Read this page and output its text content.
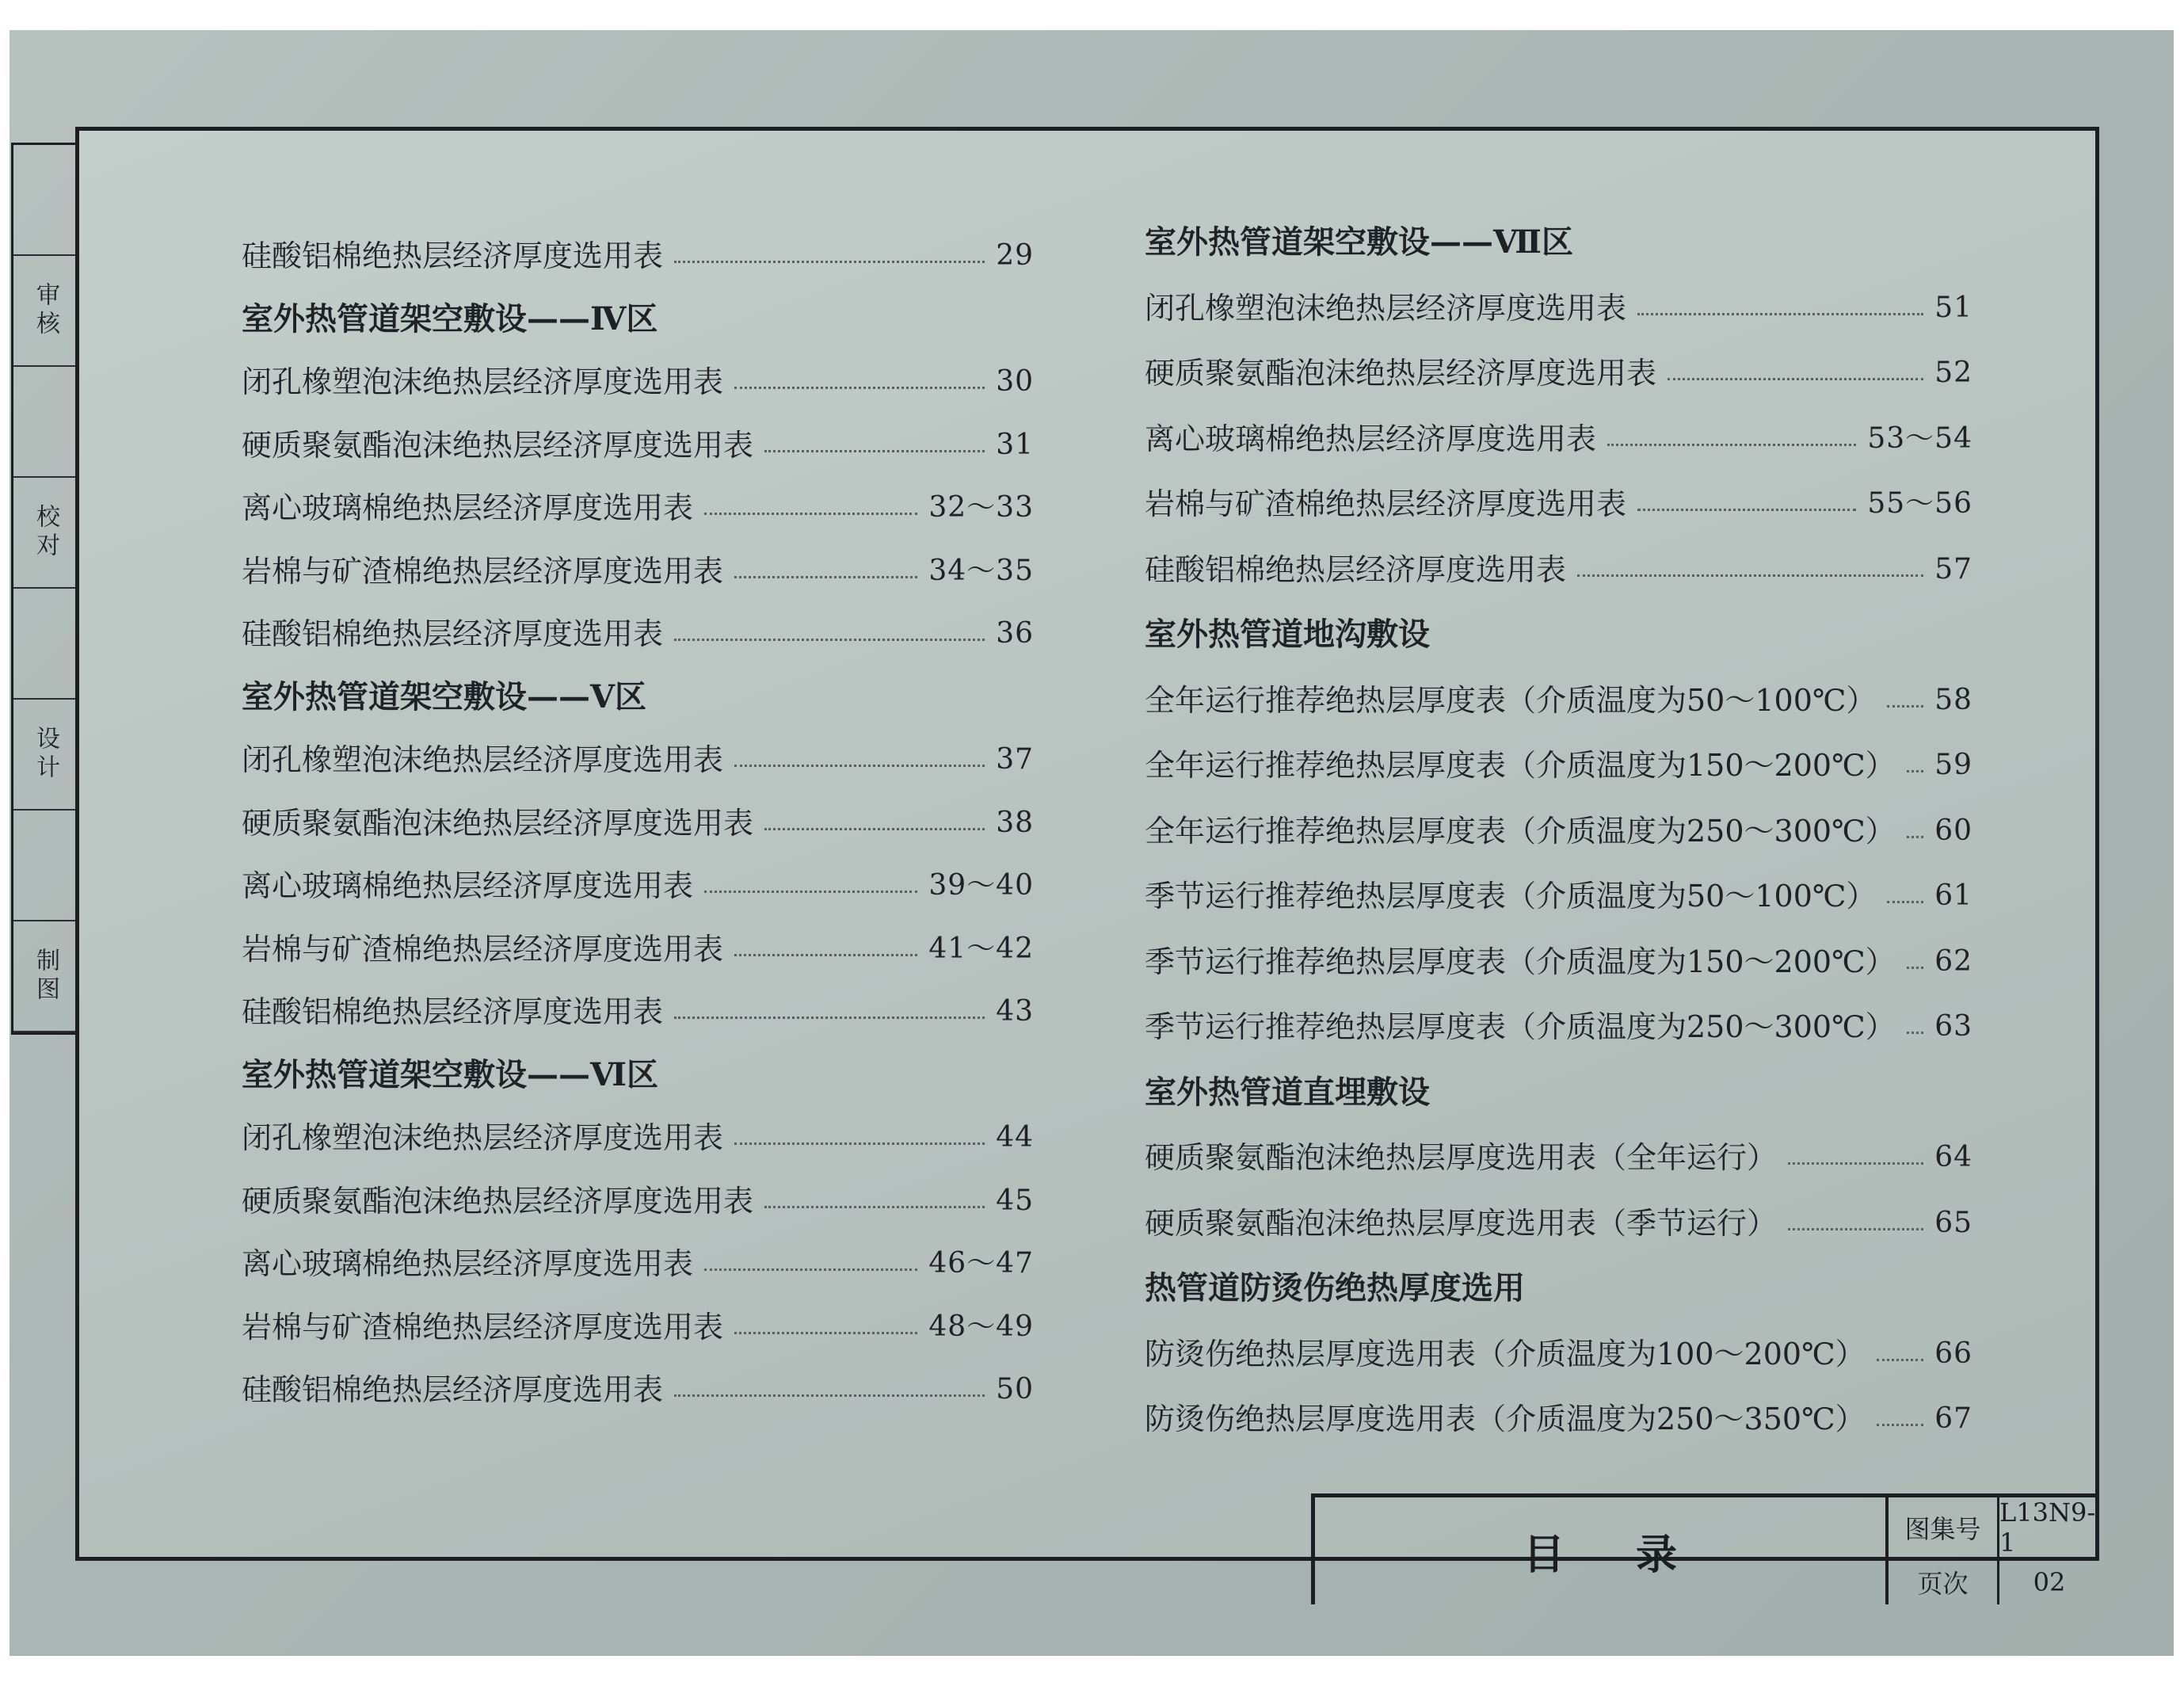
审核
校对
设计
制图
硅酸铝棉绝热层经济厚度选用表	29
室外热管道架空敷设——Ⅳ区
闭孔橡塑泡沫绝热层经济厚度选用表	30
硬质聚氨酯泡沫绝热层经济厚度选用表	31
离心玻璃棉绝热层经济厚度选用表	32～33
岩棉与矿渣棉绝热层经济厚度选用表	34～35
硅酸铝棉绝热层经济厚度选用表	36
室外热管道架空敷设——Ⅴ区
闭孔橡塑泡沫绝热层经济厚度选用表	37
硬质聚氨酯泡沫绝热层经济厚度选用表	38
离心玻璃棉绝热层经济厚度选用表	39～40
岩棉与矿渣棉绝热层经济厚度选用表	41～42
硅酸铝棉绝热层经济厚度选用表	43
室外热管道架空敷设——Ⅵ区
闭孔橡塑泡沫绝热层经济厚度选用表	44
硬质聚氨酯泡沫绝热层经济厚度选用表	45
离心玻璃棉绝热层经济厚度选用表	46～47
岩棉与矿渣棉绝热层经济厚度选用表	48～49
硅酸铝棉绝热层经济厚度选用表	50
室外热管道架空敷设——Ⅶ区
闭孔橡塑泡沫绝热层经济厚度选用表	51
硬质聚氨酯泡沫绝热层经济厚度选用表	52
离心玻璃棉绝热层经济厚度选用表	53～54
岩棉与矿渣棉绝热层经济厚度选用表	55～56
硅酸铝棉绝热层经济厚度选用表	57
室外热管道地沟敷设
全年运行推荐绝热层厚度表（介质温度为50～100℃） 58
全年运行推荐绝热层厚度表（介质温度为150～200℃） 59
全年运行推荐绝热层厚度表（介质温度为250～300℃） 60
季节运行推荐绝热层厚度表（介质温度为50～100℃） 61
季节运行推荐绝热层厚度表（介质温度为150～200℃） 62
季节运行推荐绝热层厚度表（介质温度为250～300℃） 63
室外热管道直埋敷设
硬质聚氨酯泡沫绝热层厚度选用表（全年运行）	64
硬质聚氨酯泡沫绝热层厚度选用表（季节运行）	65
热管道防烫伤绝热厚度选用
防烫伤绝热层厚度选用表（介质温度为100～200℃） 66
防烫伤绝热层厚度选用表（介质温度为250～350℃） 67
目录
图集号
L13N9-1
页次	02
